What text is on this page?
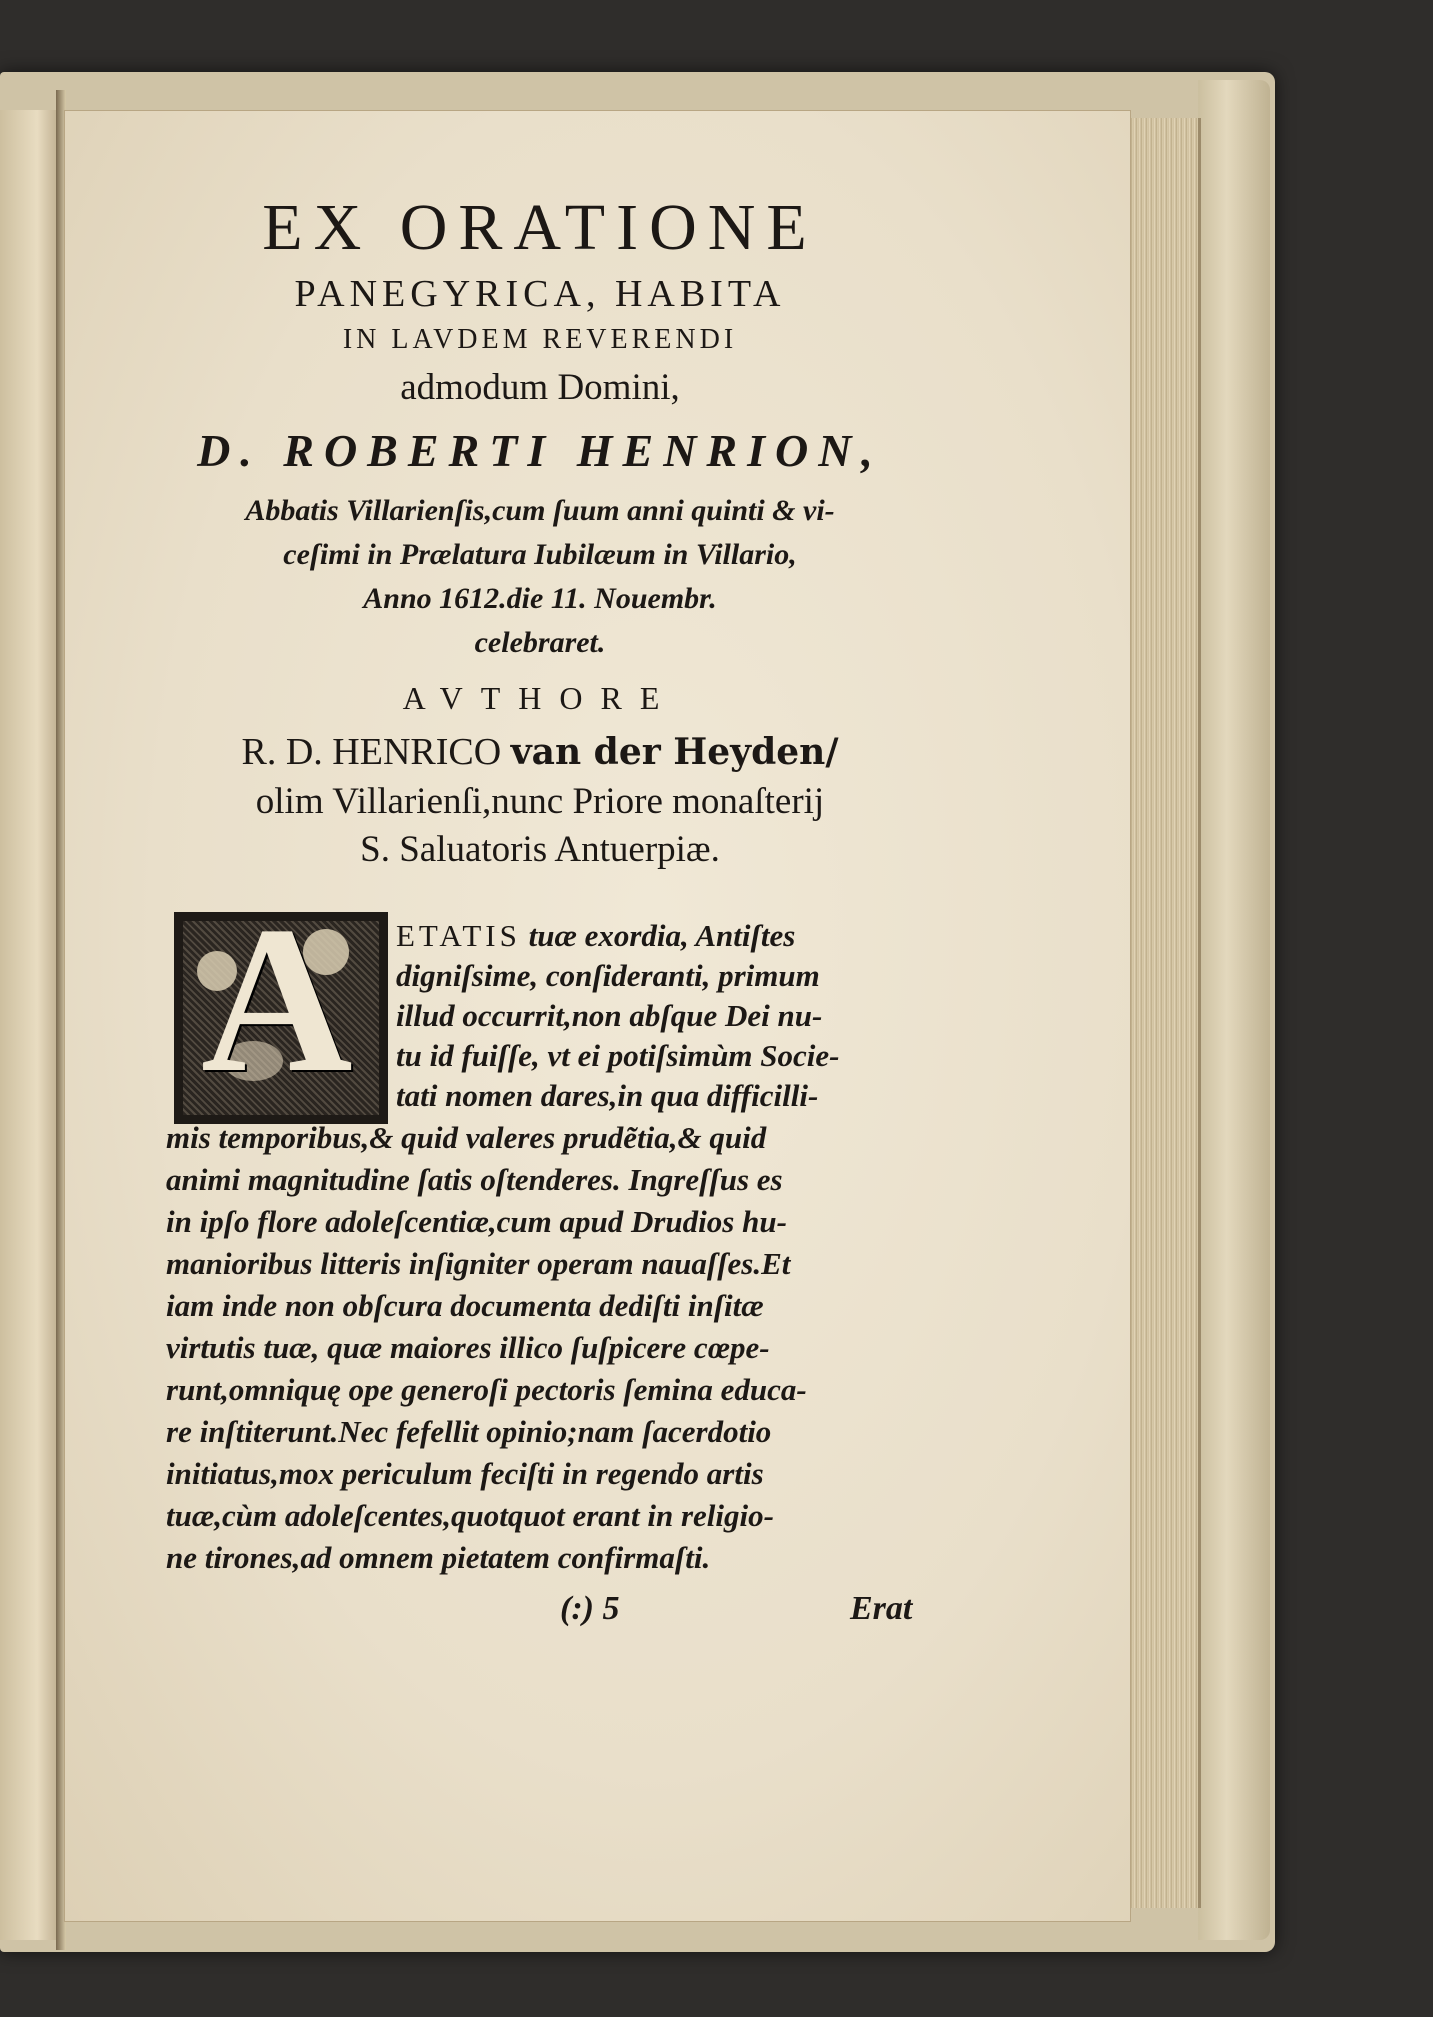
EX ORATIONE
PANEGYRICA, HABITA
IN LAVDEM REVERENDI
admodum Domini,
D. ROBERTI HENRION,
Abbatis Villarienſis,cum ſuum anni quinti & vi-
ceſimi in Prælatura Iubilæum in Villario,
Anno 1612.die 11. Nouembr.
celebraret.
AVTHORE
R. D. HENRICO van der Heyden/
olim Villarienſi,nunc Priore monaſterij
S. Saluatoris Antuerpiæ.
A ETATIS tuæ exordia, Antiſtes
digniſsime, conſideranti, primum
illud occurrit,non abſque Dei nu-
tu id fuiſſe, vt ei potiſsimùm Socie-
tati nomen dares,in qua difficilli-
mis temporibus,& quid valeres prudẽtia,& quid
animi magnitudine ſatis oſtenderes. Ingreſſus es
in ipſo flore adoleſcentiæ,cum apud Drudios hu-
manioribus litteris inſigniter operam nauaſſes.Et
iam inde non obſcura documenta dediſti inſitæ
virtutis tuæ, quæ maiores illico ſuſpicere cœpe-
runt,omniquę ope generoſi pectoris ſemina educa-
re inſtiterunt.Nec fefellit opinio;nam ſacerdotio
initiatus,mox periculum feciſti in regendo artis
tuæ,cùm adoleſcentes,quotquot erant in religio-
ne tirones,ad omnem pietatem confirmaſti.
(:) 5	Erat
